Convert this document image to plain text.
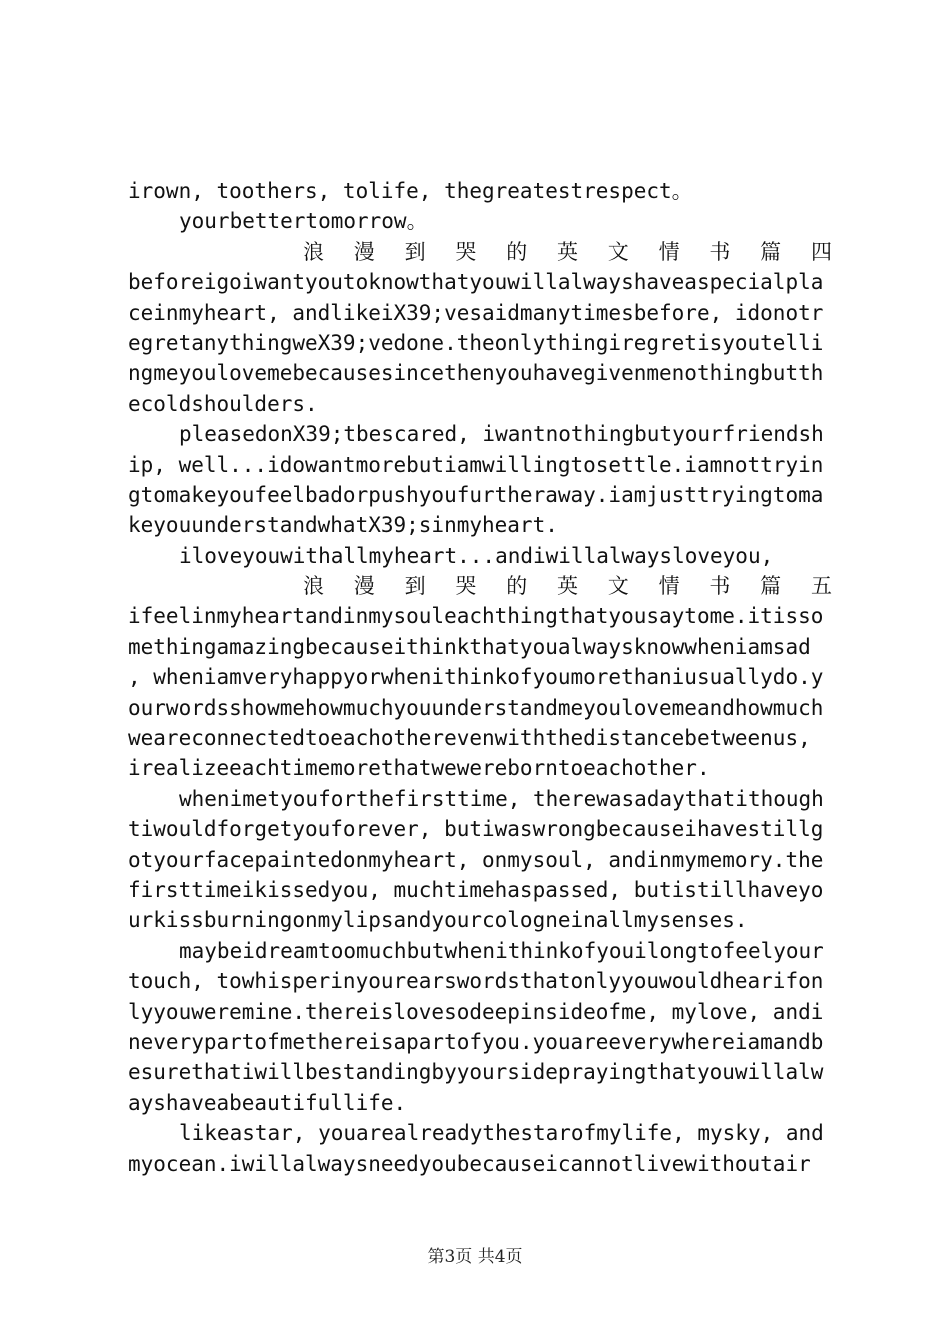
irown, toothers, tolife, thegreatestrespect。
yourbettertomorrow。
浪 漫 到 哭 的 英 文 情 书 篇 四
beforeigoiwantyoutoknowthatyouwillalwayshaveaspecialpla
ceinmyheart, andlikeiX39;vesaidmanytimesbefore, idonotr
egretanythingweX39;vedone.theonlythingiregretisyoutelli
ngmeyoulovemebecausesincethenyouhavegivenmenothingbutth
ecoldshoulders.
pleasedonX39;tbescared, iwantnothingbutyourfriendsh
ip, well...idowantmorebutiamwillingtosettle.iamnottryin
gtomakeyoufeelbadorpushyoufurtheraway.iamjusttryingtoma
keyouunderstandwhatX39;sinmyheart.
iloveyouwithallmyheart...andiwillalwaysloveyou,
浪 漫 到 哭 的 英 文 情 书 篇 五
ifeelinmyheartandinmysouleachthingthatyousaytome.itisso
methingamazingbecauseithinkthatyoualwaysknowwheniamsad
, wheniamveryhappyorwhenithinkofyoumorethaniusuallydo.y
ourwordsshowmehowmuchyouunderstandmeyoulovemeandhowmuch
weareconnectedtoeachotherevenwiththedistancebetweenus,
irealizeeachtimemorethatwewereborntoeachother.
whenimetyouforthefirsttime, therewasadaythatithough
tiwouldforgetyouforever, butiwaswrongbecauseihavestillg
otyourfacepaintedonmyheart, onmysoul, andinmymemory.the
firsttimeikissedyou, muchtimehaspassed, butistillhaveyo
urkissburningonmylipsandyourcologneinallmysenses.
maybeidreamtoomuchbutwhenithinkofyouilongtofeelyour
touch, towhisperinyourearswordsthatonlyyouwouldhearifon
lyyouweremine.thereislovesodeepinsideofme, mylove, andi
neverypartofmethereisapartofyou.youareeverywhereiamandb
esurethatiwillbestandingbyyoursideprayingthatyouwillalw
ayshaveabeautifullife.
likeastar, youarealreadythestarofmylife, mysky, and
myocean.iwillalwaysneedyoubecauseicannotlivewithoutair
第3页 共4页
